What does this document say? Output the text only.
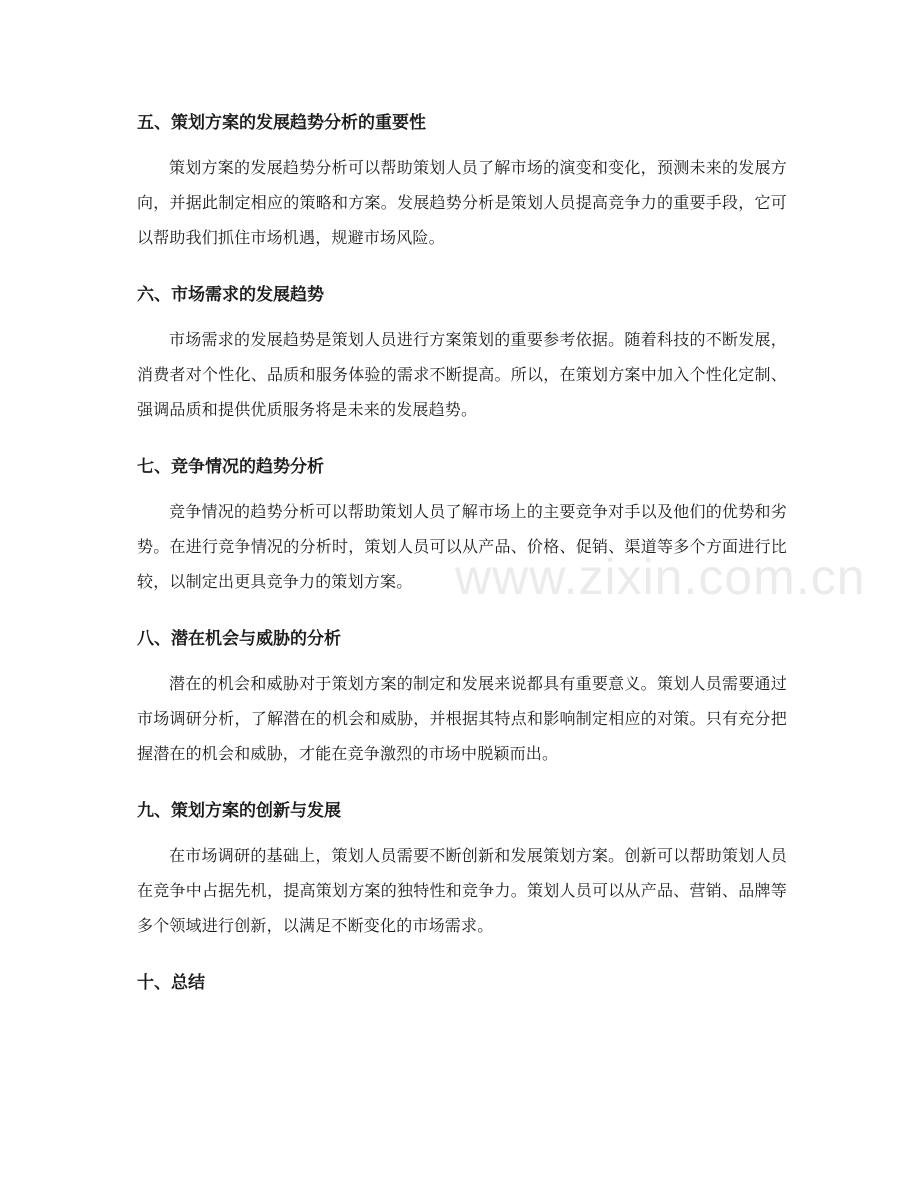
五、策划方案的发展趋势分析的重要性

策划方案的发展趋势分析可以帮助策划人员了解市场的演变和变化，预测未来的发展方向，并据此制定相应的策略和方案。发展趋势分析是策划人员提高竞争力的重要手段，它可以帮助我们抓住市场机遇，规避市场风险。

六、市场需求的发展趋势

市场需求的发展趋势是策划人员进行方案策划的重要参考依据。随着科技的不断发展，消费者对个性化、品质和服务体验的需求不断提高。所以，在策划方案中加入个性化定制、强调品质和提供优质服务将是未来的发展趋势。

七、竞争情况的趋势分析

竞争情况的趋势分析可以帮助策划人员了解市场上的主要竞争对手以及他们的优势和劣势。在进行竞争情况的分析时，策划人员可以从产品、价格、促销、渠道等多个方面进行比较，以制定出更具竞争力的策划方案。

八、潜在机会与威胁的分析

潜在的机会和威胁对于策划方案的制定和发展来说都具有重要意义。策划人员需要通过市场调研分析，了解潜在的机会和威胁，并根据其特点和影响制定相应的对策。只有充分把握潜在的机会和威胁，才能在竞争激烈的市场中脱颖而出。

九、策划方案的创新与发展

在市场调研的基础上，策划人员需要不断创新和发展策划方案。创新可以帮助策划人员在竞争中占据先机，提高策划方案的独特性和竞争力。策划人员可以从产品、营销、品牌等多个领域进行创新，以满足不断变化的市场需求。

十、总结
www.zixin.com.cn
